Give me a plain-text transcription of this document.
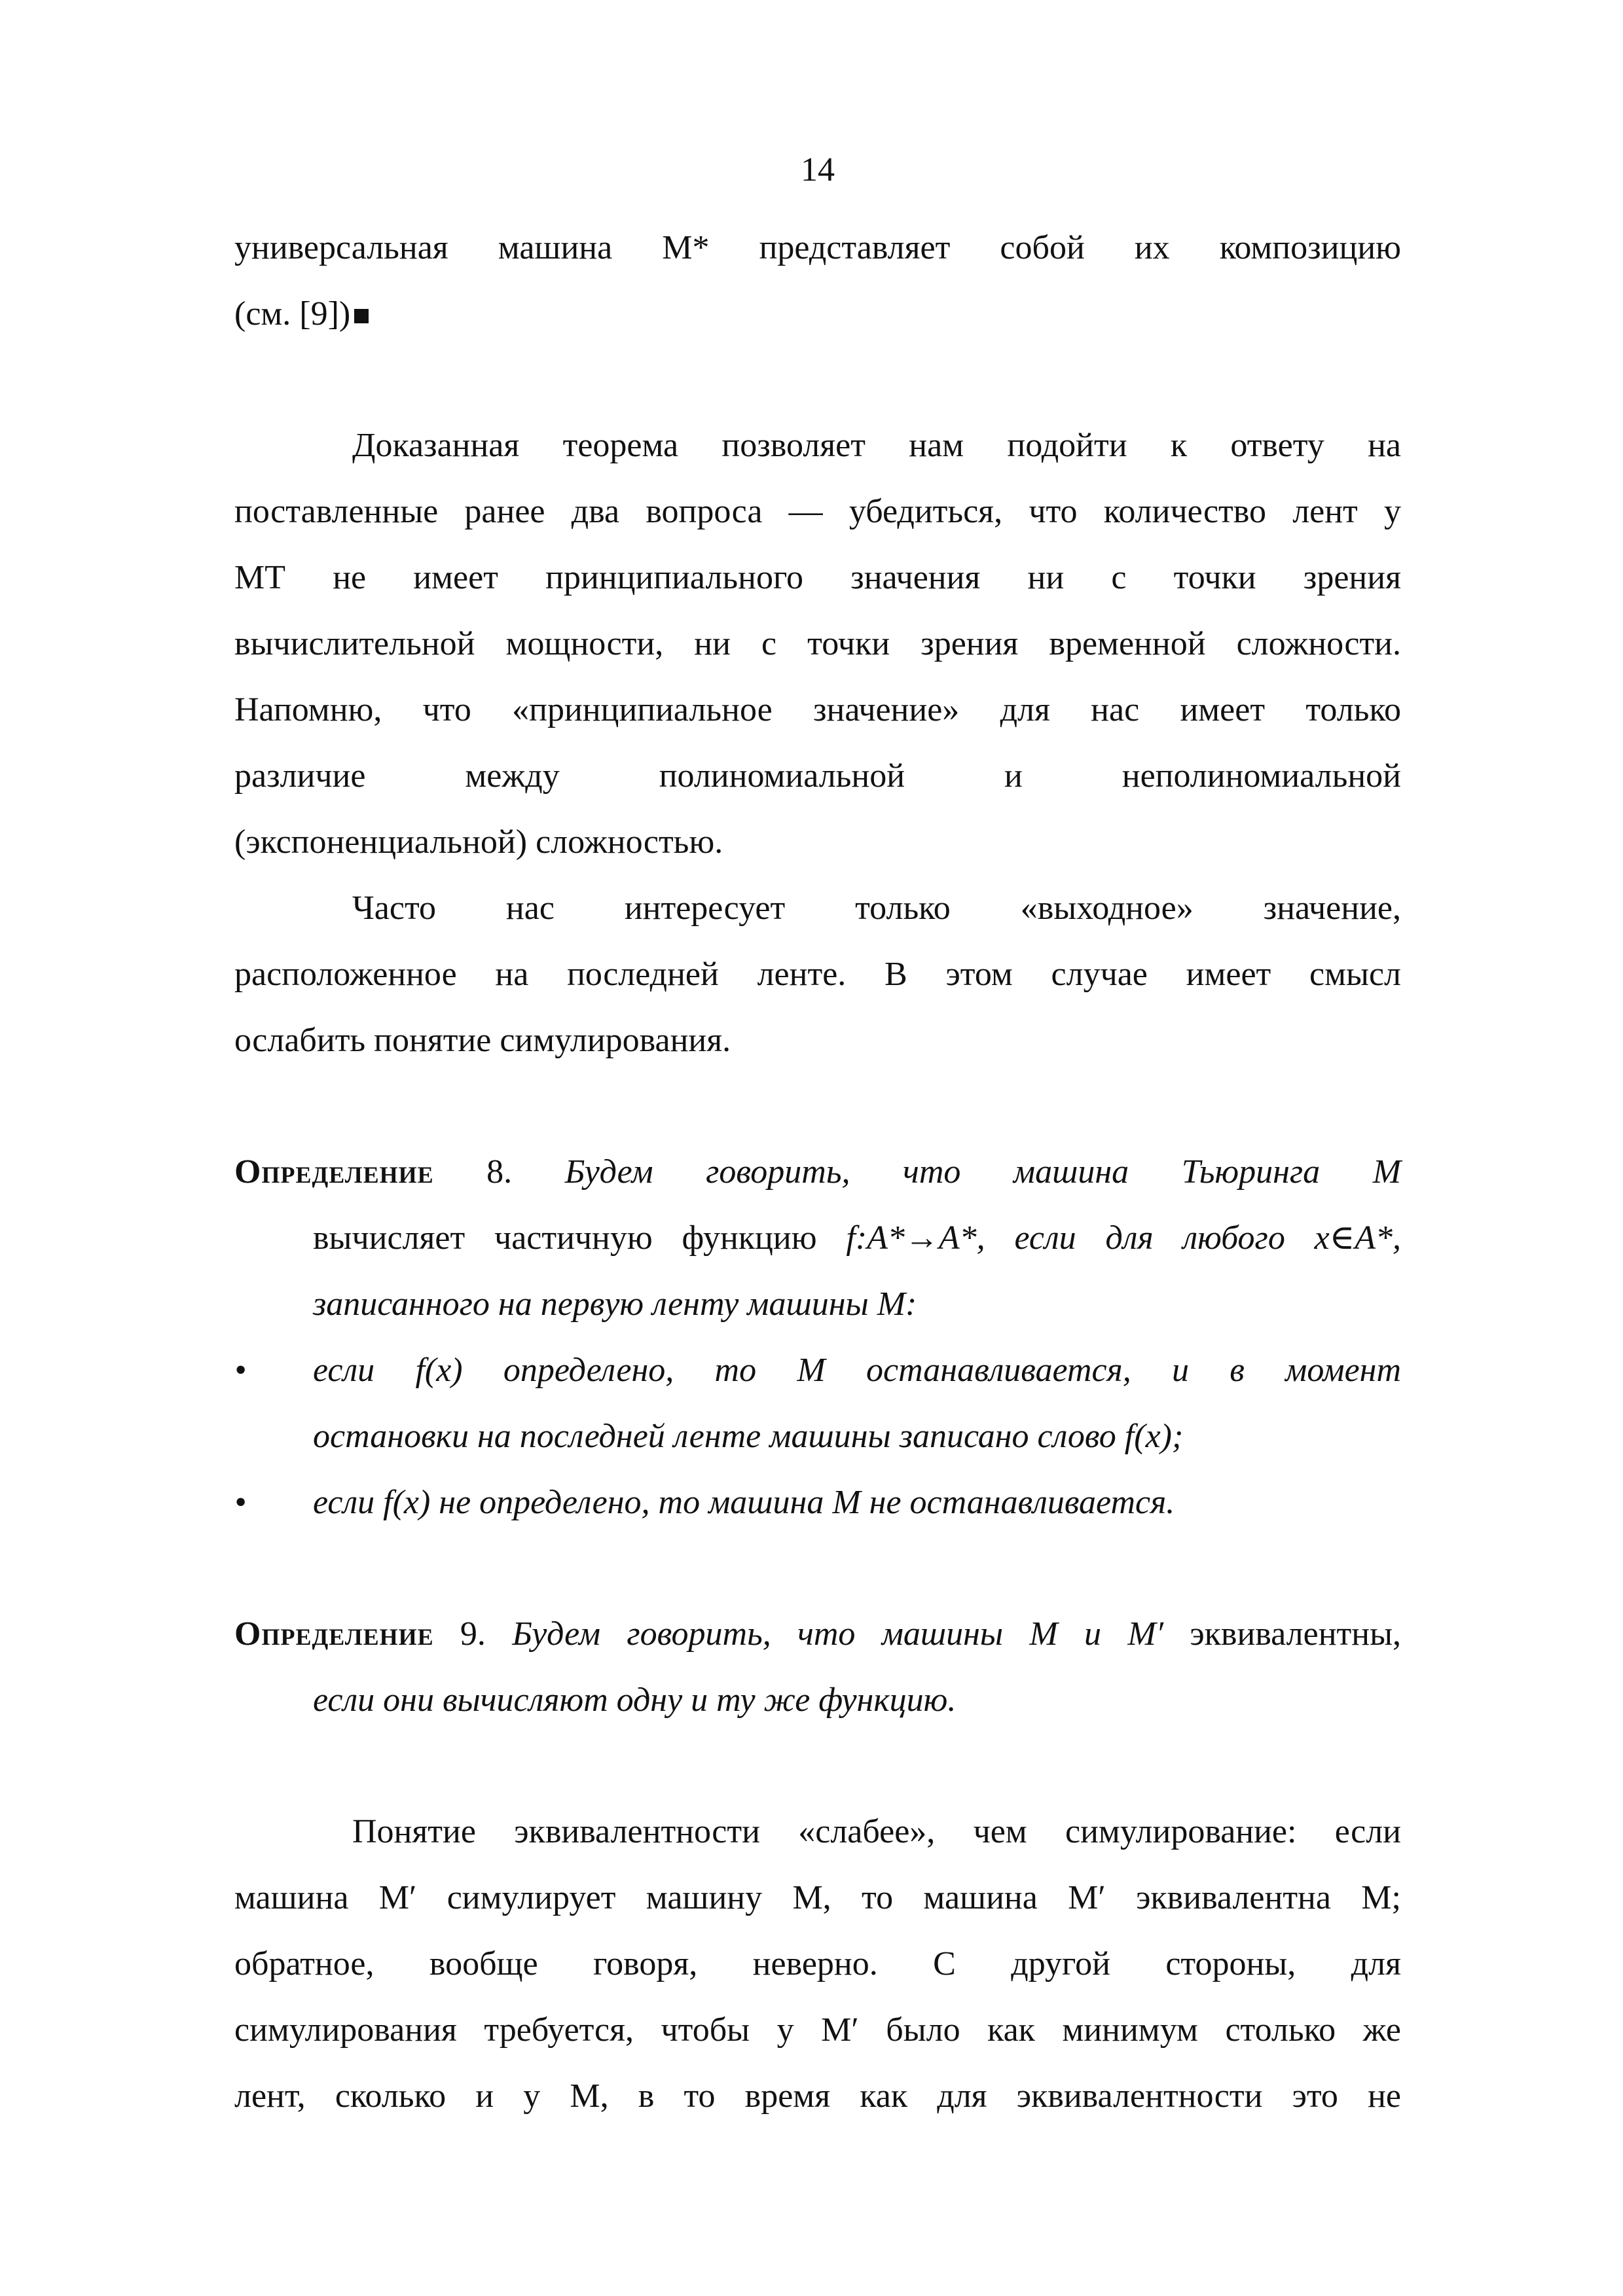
14
универсальная машина M* представляет собой их композицию
(см. [9])
Доказанная теорема позволяет нам подойти к ответу на
поставленные ранее два вопроса — убедиться, что количество лент у
МТ не имеет принципиального значения ни с точки зрения
вычислительной мощности, ни с точки зрения временной сложности.
Напомню, что «принципиальное значение» для нас имеет только
различие между полиномиальной и неполиномиальной
(экспоненциальной) сложностью.
Часто нас интересует только «выходное» значение,
расположенное на последней ленте. В этом случае имеет смысл
ослабить понятие симулирования.
Определение 8. Будем говорить, что машина Тьюринга M
вычисляет частичную функцию f:A*→A*, если для любого x∈A*,
записанного на первую ленту машины M:
•	если f(x) определено, то M останавливается, и в момент
остановки на последней ленте машины записано слово f(x);
•	если f(x) не определено, то машина M не останавливается.
Определение 9. Будем говорить, что машины M и M′ эквивалентны,
если они вычисляют одну и ту же функцию.
Понятие эквивалентности «слабее», чем симулирование: если
машина M′ симулирует машину M, то машина M′ эквивалентна M;
обратное, вообще говоря, неверно. С другой стороны, для
симулирования требуется, чтобы у M′ было как минимум столько же
лент, сколько и у M, в то время как для эквивалентности это не
